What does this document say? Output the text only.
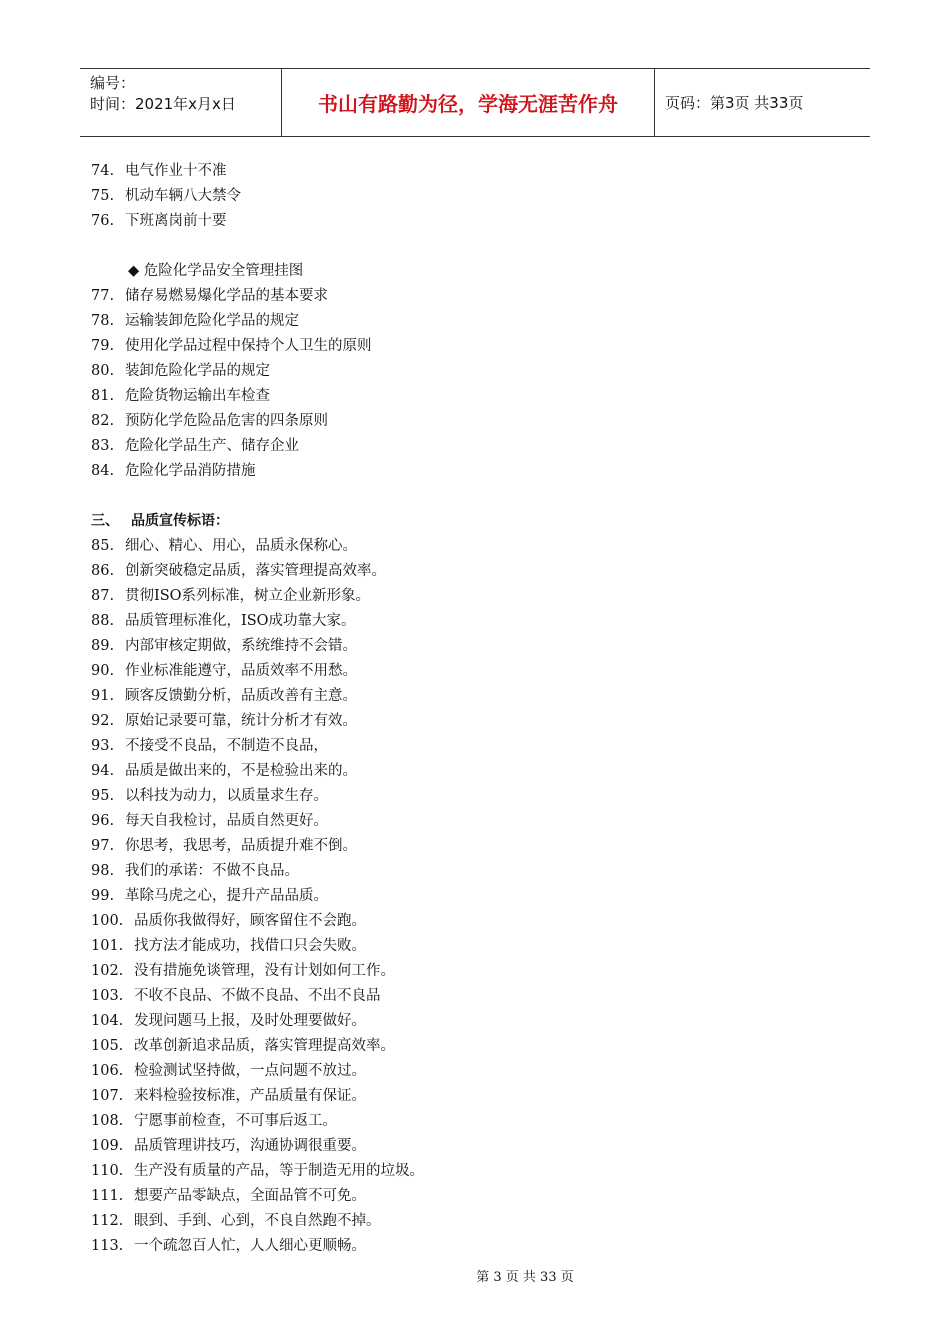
编号：
时间：2021年x月x日	书山有路勤为径，学海无涯苦作舟	页码：第3页 共33页
74. 电气作业十不准
75. 机动车辆八大禁令
76. 下班离岗前十要
◆ 危险化学品安全管理挂图
77. 储存易燃易爆化学品的基本要求
78. 运输装卸危险化学品的规定
79. 使用化学品过程中保持个人卫生的原则
80. 装卸危险化学品的规定
81. 危险货物运输出车检查
82. 预防化学危险品危害的四条原则
83. 危险化学品生产、储存企业
84. 危险化学品消防措施
三、 品质宣传标语：
85. 细心、精心、用心，品质永保称心。
86. 创新突破稳定品质，落实管理提高效率。
87. 贯彻ISO系列标准，树立企业新形象。
88. 品质管理标准化，ISO成功靠大家。
89. 内部审核定期做，系统维持不会错。
90. 作业标准能遵守，品质效率不用愁。
91. 顾客反馈勤分析，品质改善有主意。
92. 原始记录要可靠，统计分析才有效。
93. 不接受不良品，不制造不良品，
94. 品质是做出来的，不是检验出来的。
95. 以科技为动力，以质量求生存。
96. 每天自我检讨，品质自然更好。
97. 你思考，我思考，品质提升难不倒。
98. 我们的承诺：不做不良品。
99. 革除马虎之心，提升产品品质。
100. 品质你我做得好，顾客留住不会跑。
101. 找方法才能成功，找借口只会失败。
102. 没有措施免谈管理，没有计划如何工作。
103. 不收不良品、不做不良品、不出不良品
104. 发现问题马上报，及时处理要做好。
105. 改革创新追求品质，落实管理提高效率。
106. 检验测试坚持做，一点问题不放过。
107. 来料检验按标准，产品质量有保证。
108. 宁愿事前检查，不可事后返工。
109. 品质管理讲技巧，沟通协调很重要。
110. 生产没有质量的产品，等于制造无用的垃圾。
111. 想要产品零缺点，全面品管不可免。
112. 眼到、手到、心到，不良自然跑不掉。
113. 一个疏忽百人忙，人人细心更顺畅。
第 3 页 共 33 页
